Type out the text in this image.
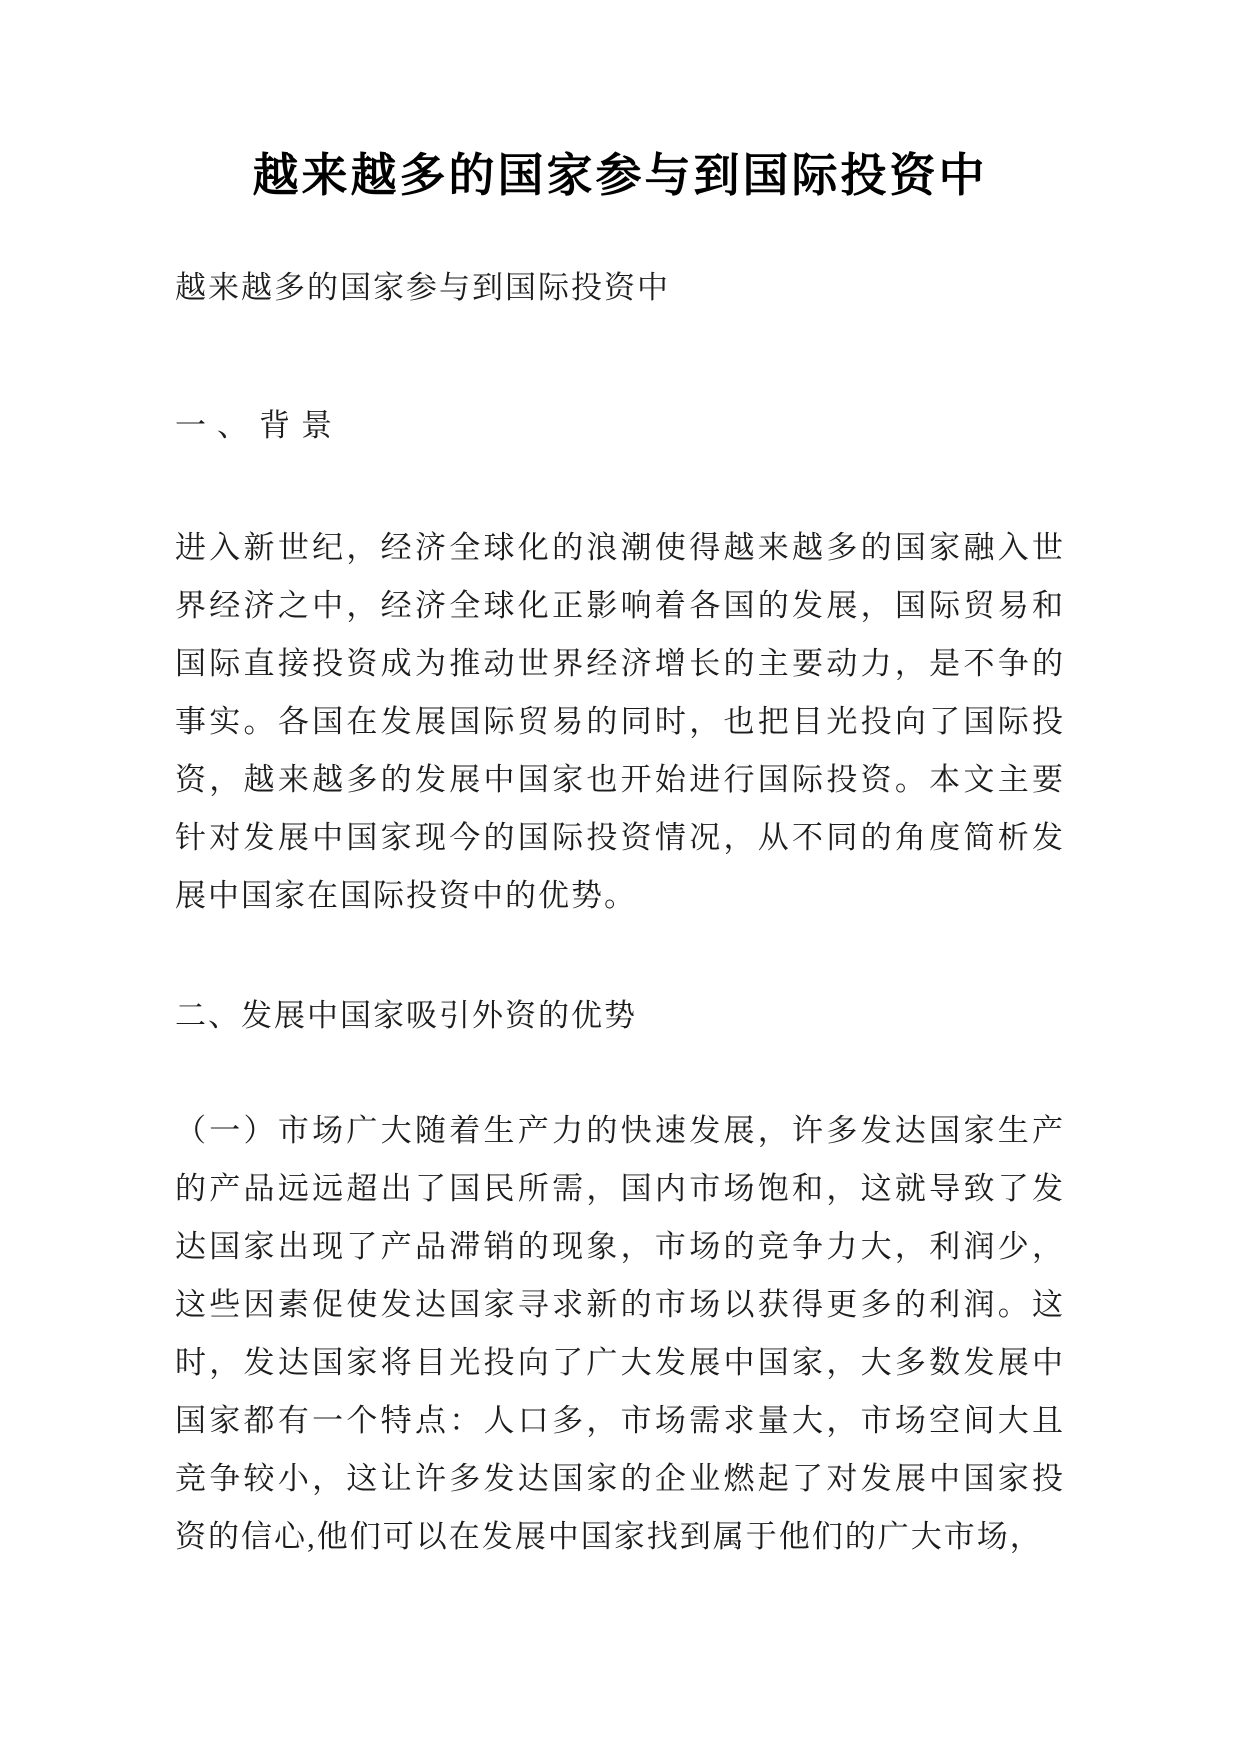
越来越多的国家参与到国际投资中
越来越多的国家参与到国际投资中
一、背景
进入新世纪，经济全球化的浪潮使得越来越多的国家融入世
界经济之中，经济全球化正影响着各国的发展，国际贸易和
国际直接投资成为推动世界经济增长的主要动力，是不争的
事实。各国在发展国际贸易的同时，也把目光投向了国际投
资，越来越多的发展中国家也开始进行国际投资。本文主要
针对发展中国家现今的国际投资情况，从不同的角度简析发
展中国家在国际投资中的优势。
二、发展中国家吸引外资的优势
（一）市场广大随着生产力的快速发展，许多发达国家生产
的产品远远超出了国民所需，国内市场饱和，这就导致了发
达国家出现了产品滞销的现象，市场的竞争力大，利润少，
这些因素促使发达国家寻求新的市场以获得更多的利润。这
时，发达国家将目光投向了广大发展中国家，大多数发展中
国家都有一个特点：人口多，市场需求量大，市场空间大且
竞争较小，这让许多发达国家的企业燃起了对发展中国家投
资的信心,他们可以在发展中国家找到属于他们的广大市场，
